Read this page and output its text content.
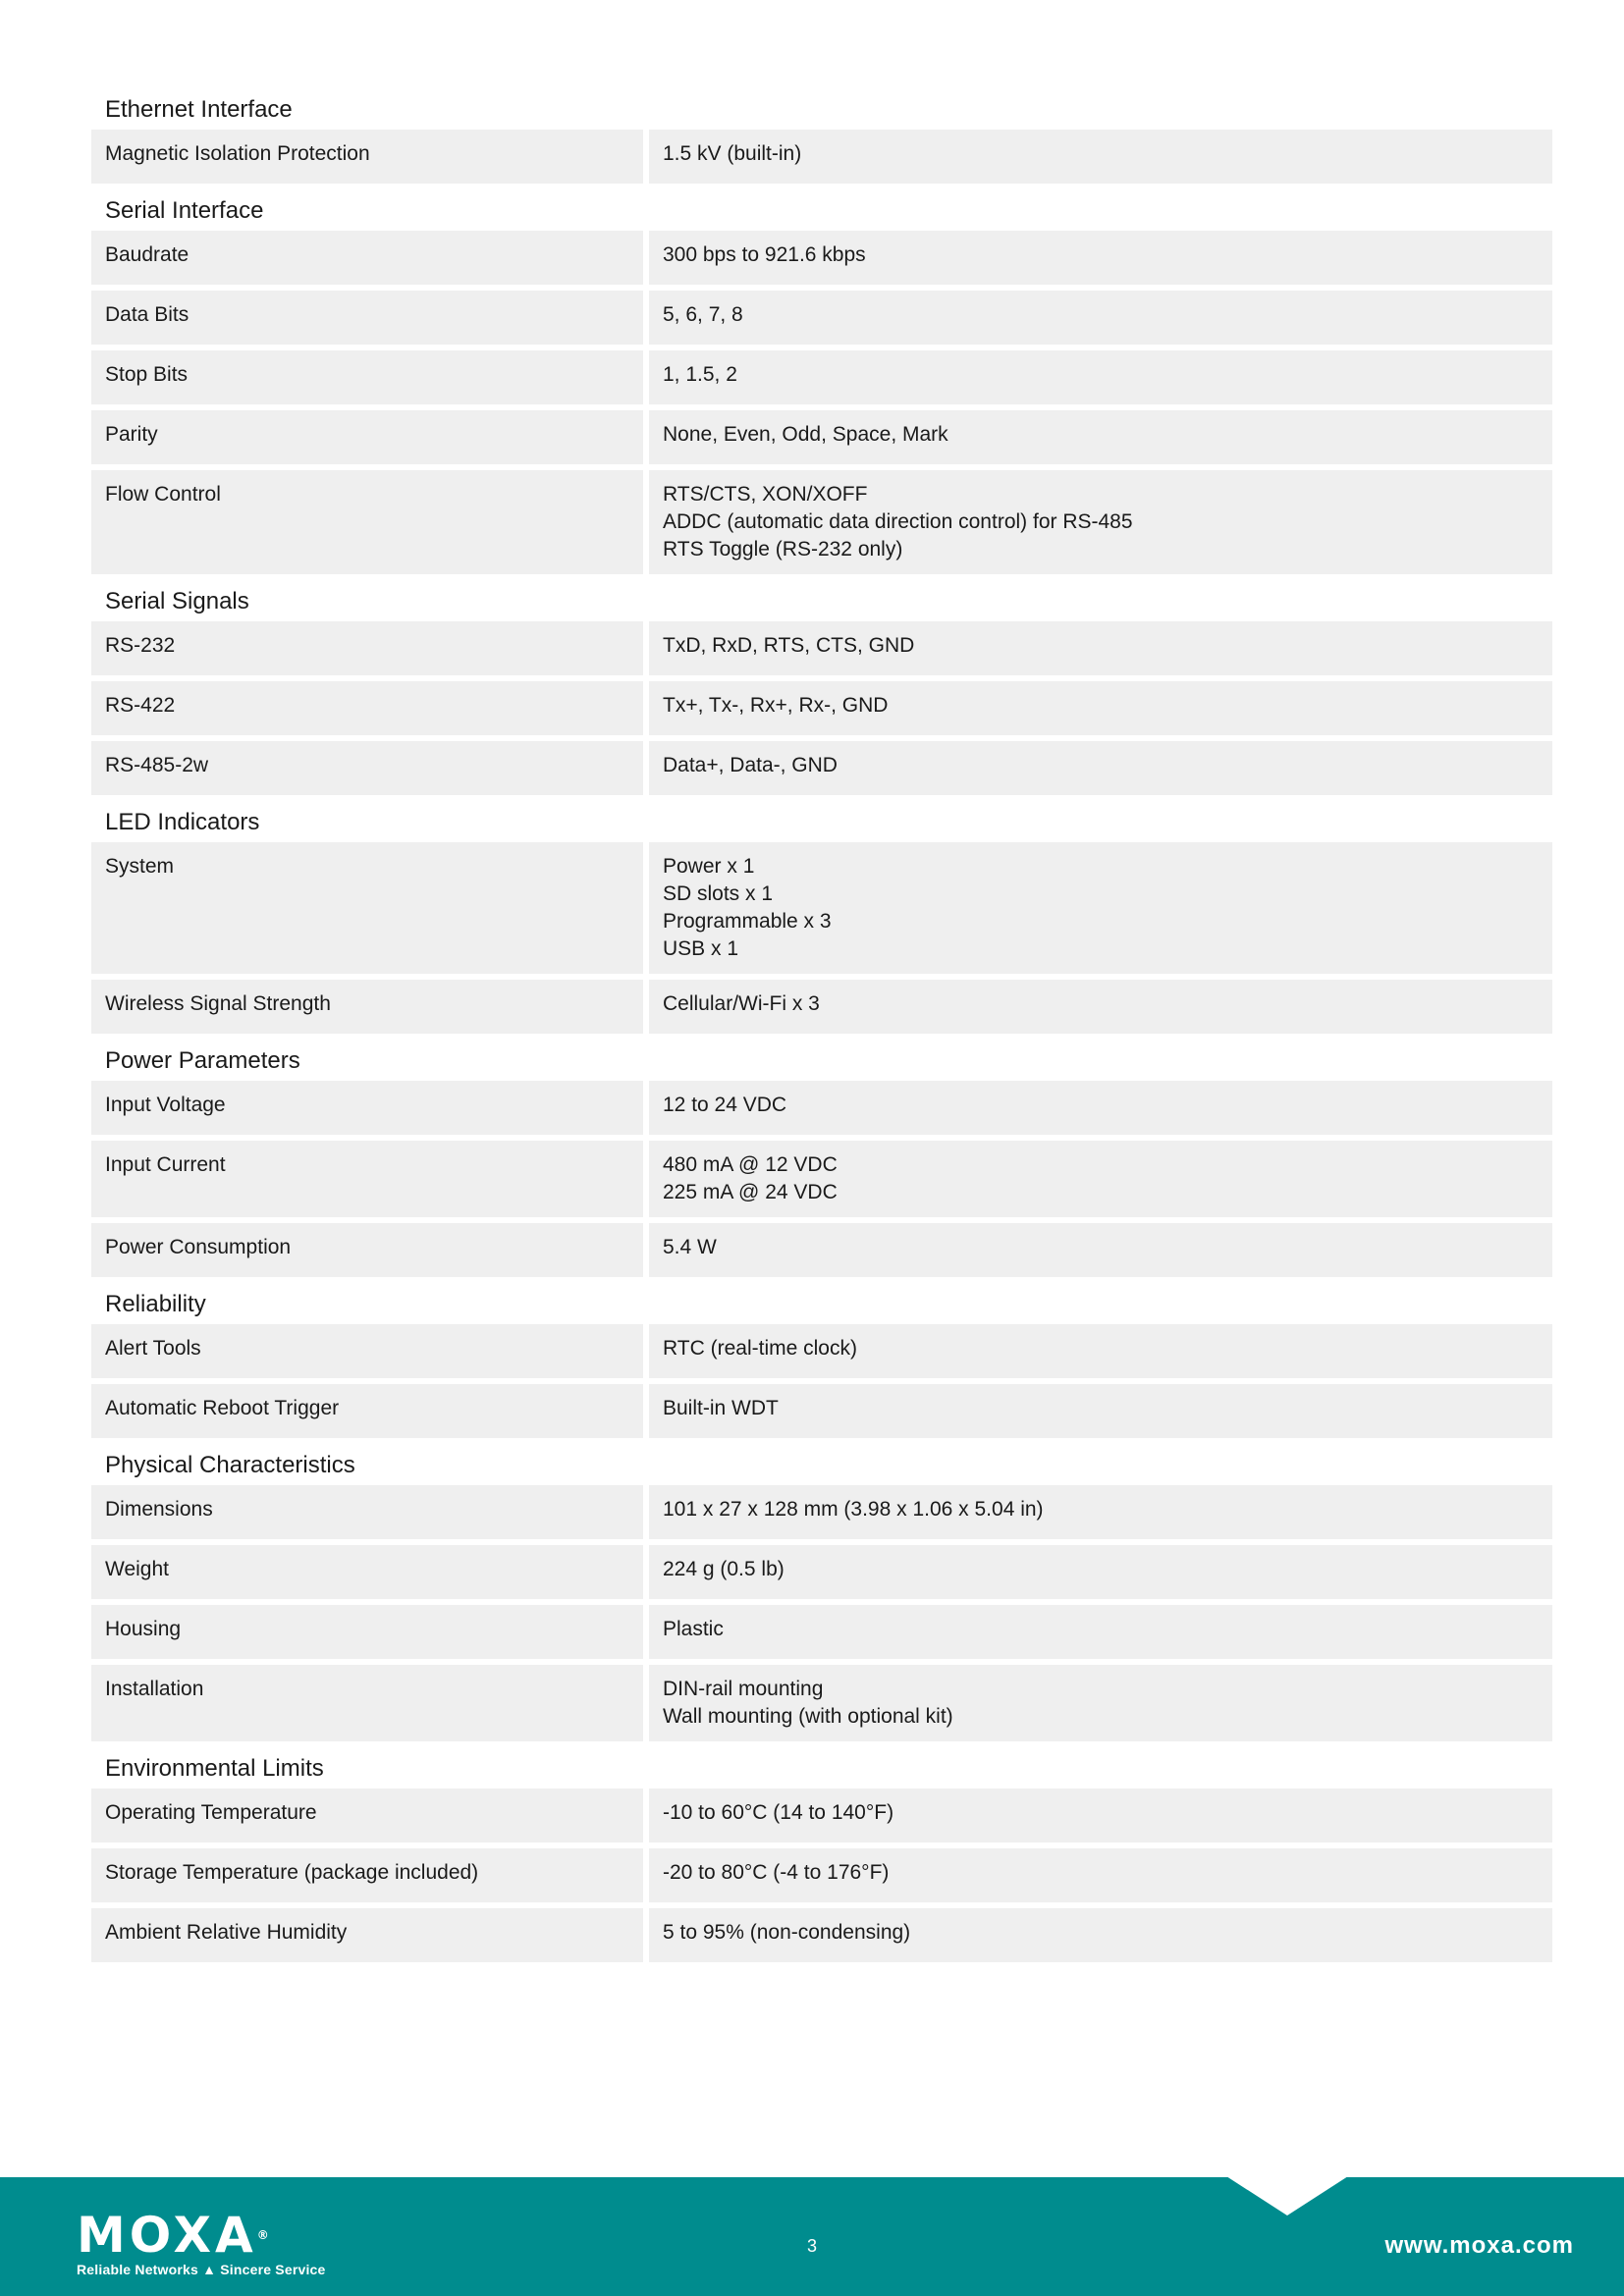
Ethernet Interface
Magnetic Isolation Protection	1.5 kV (built-in)
Serial Interface
Baudrate	300 bps to 921.6 kbps
Data Bits	5, 6, 7, 8
Stop Bits	1, 1.5, 2
Parity	None, Even, Odd, Space, Mark
Flow Control	RTS/CTS, XON/XOFF
ADDC (automatic data direction control) for RS-485
RTS Toggle (RS-232 only)
Serial Signals
RS-232	TxD, RxD, RTS, CTS, GND
RS-422	Tx+, Tx-, Rx+, Rx-, GND
RS-485-2w	Data+, Data-, GND
LED Indicators
System	Power x 1
SD slots x 1
Programmable x 3
USB x 1
Wireless Signal Strength	Cellular/Wi-Fi x 3
Power Parameters
Input Voltage	12 to 24 VDC
Input Current	480 mA @ 12 VDC
225 mA @ 24 VDC
Power Consumption	5.4 W
Reliability
Alert Tools	RTC (real-time clock)
Automatic Reboot Trigger	Built-in WDT
Physical Characteristics
Dimensions	101 x 27 x 128 mm (3.98 x 1.06 x 5.04 in)
Weight	224 g (0.5 lb)
Housing	Plastic
Installation	DIN-rail mounting
Wall mounting (with optional kit)
Environmental Limits
Operating Temperature	-10 to 60°C (14 to 140°F)
Storage Temperature (package included)	-20 to 80°C (-4 to 176°F)
Ambient Relative Humidity	5 to 95% (non-condensing)
MOXA®
Reliable Networks ▲ Sincere Service
3	www.moxa.com
